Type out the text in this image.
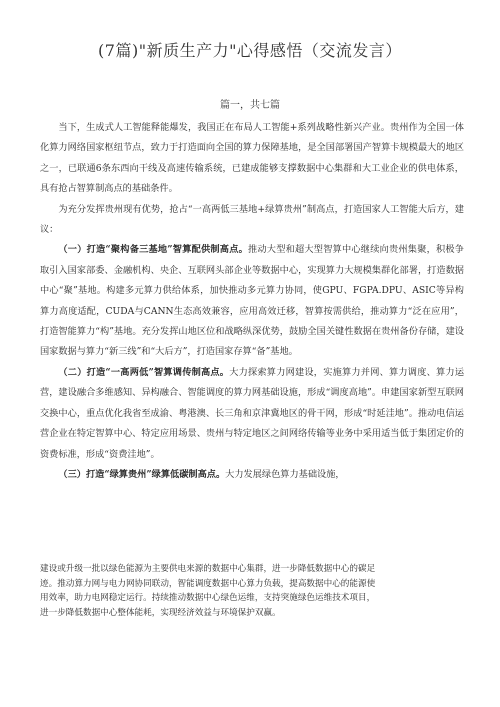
(7篇)"新质生产力"心得感悟（交流发言）
篇一，共七篇

当下，生成式人工智能释能爆发，我国正在布局人工智能+系列战略性新兴产业。贵州作为全国一体化算力网络国家枢纽节点，致力于打造面向全国的算力保障基地，是全国部署国产智算卡规模最大的地区之一，已联通6条东西向干线及高速传输系统，已建成能够支撑数据中心集群和大工业企业的供电体系，具有抢占智算制高点的基础条件。

为充分发挥贵州现有优势，抢占“一高两低三基地+绿算贵州”制高点，打造国家人工智能大后方，建议：

（一）打造“聚构备三基地”智算配供制高点。推动大型和超大型智算中心继续向贵州集聚，积极争取引入国家部委、金融机构、央企、互联网头部企业等数据中心，实现算力大规模集群化部署，打造数据中心“聚”基地。构建多元算力供给体系，加快推动多元算力协同，使GPU、FGPA.DPU、ASIC等异构算力高度适配，CUDA与CANN生态高效兼容，应用高效迁移，智算按需供给，推动算力“泛在应用”，打造智能算力“构”基地。充分发挥山地区位和战略纵深优势，鼓励全国关键性数据在贵州备份存储，建设国家数据与算力“新三线”和“大后方”，打造国家存算“备”基地。

（二）打造“一高两低”智算调传制高点。大力探索算力网建设，实施算力并网、算力调度、算力运营，建设融合多维感知、异构融合、智能调度的算力网基础设施，形成“调度高地”。申建国家新型互联网交换中心，重点优化我省至成渝、粤港澳、长三角和京津冀地区的骨干网，形成“时延洼地”。推动电信运营企业在特定智算中心、特定应用场景、贵州与特定地区之间网络传输等业务中采用适当低于集团定价的资费标准，形成“资费洼地”。

（三）打造“绿算贵州”绿算低碳制高点。大力发展绿色算力基础设施，

建设或升级一批以绿色能源为主要供电来源的数据中心集群，进一步降低数据中心的碳足

迹。推动算力网与电力网协同联动，智能调度数据中心算力负载，提高数据中心的能源使

用效率，助力电网稳定运行。持续推动数据中心绿色运维，支持突施绿色运维技术项目，

进一步降低数据中心整体能耗，实现经济效益与环境保护双赢。
